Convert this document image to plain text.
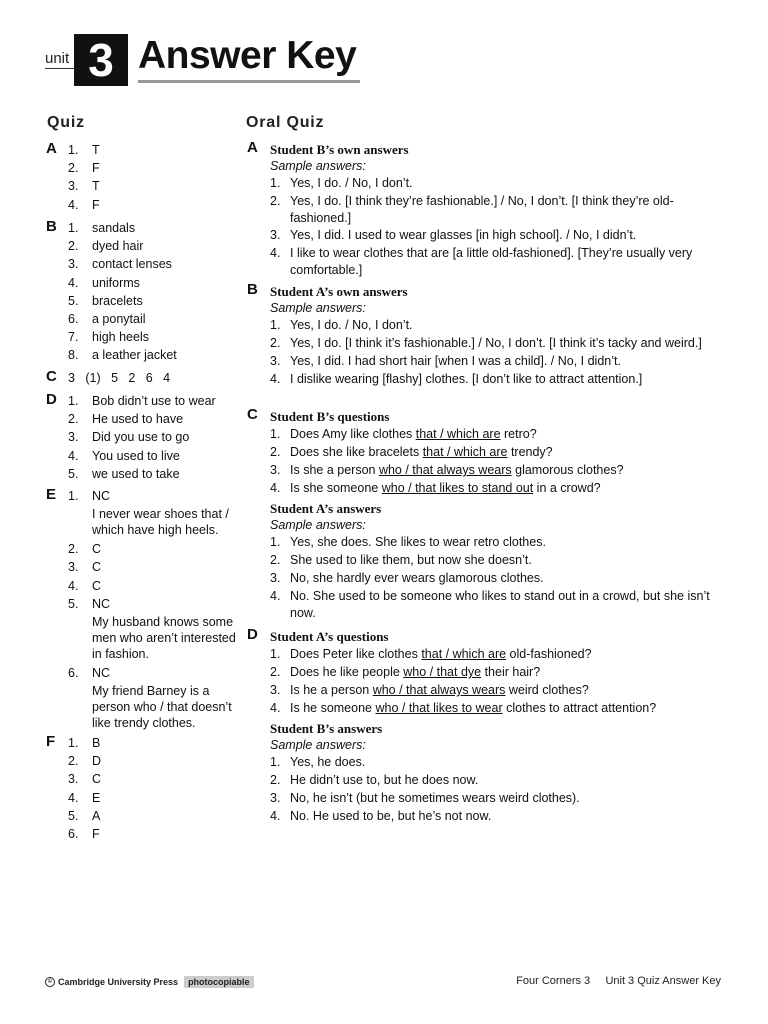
unit 3 Answer Key
Quiz	Oral Quiz
A 1.	T
2.	F
3.	T
4.	F
B 1.	sandals
2.	dyed hair
3.	contact lenses
4.	uniforms
5.	bracelets
6.	a ponytail
7.	high heels
8.	a leather jacket
C 3   (1)   5   2   6   4
D 1.	Bob didn’t use to wear
2.	He used to have
3.	Did you use to go
4.	You used to live
5.	we used to take
E 1.	NC
I never wear shoes that / which have high heels.
2.	C
3.	C
4.	C
5.	NC
My husband knows some men who aren’t interested in fashion.
6.	NC
My friend Barney is a person who / that doesn’t like trendy clothes.
F 1.	B
2.	D
3.	C
4.	E
5.	A
6.	F
A Student B’s own answers
Sample answers:
1. Yes, I do. / No, I don’t.
2. Yes, I do. [I think they’re fashionable.] / No, I don’t. [I think they’re old-fashioned.]
3. Yes, I did. I used to wear glasses [in high school]. / No, I didn’t.
4. I like to wear clothes that are [a little old-fashioned]. [They’re usually very comfortable.]
B Student A’s own answers
Sample answers:
1. Yes, I do. / No, I don’t.
2. Yes, I do. [I think it’s fashionable.] / No, I don’t. [I think it’s tacky and weird.]
3. Yes, I did. I had short hair [when I was a child]. / No, I didn’t.
4. I dislike wearing [flashy] clothes. [I don’t like to attract attention.]
C Student B’s questions
1. Does Amy like clothes that / which are retro?
2. Does she like bracelets that / which are trendy?
3. Is she a person who / that always wears glamorous clothes?
4. Is she someone who / that likes to stand out in a crowd?
Student A’s answers
Sample answers:
1. Yes, she does. She likes to wear retro clothes.
2. She used to like them, but now she doesn’t.
3. No, she hardly ever wears glamorous clothes.
4. No. She used to be someone who likes to stand out in a crowd, but she isn’t now.
D Student A’s questions
1. Does Peter like clothes that / which are old-fashioned?
2. Does he like people who / that dye their hair?
3. Is he a person who / that always wears weird clothes?
4. Is he someone who / that likes to wear clothes to attract attention?
Student B’s answers
Sample answers:
1. Yes, he does.
2. He didn’t use to, but he does now.
3. No, he isn’t (but he sometimes wears weird clothes).
4. No. He used to be, but he’s not now.
© Cambridge University Press	photocopiable	Four Corners 3     Unit 3 Quiz Answer Key
